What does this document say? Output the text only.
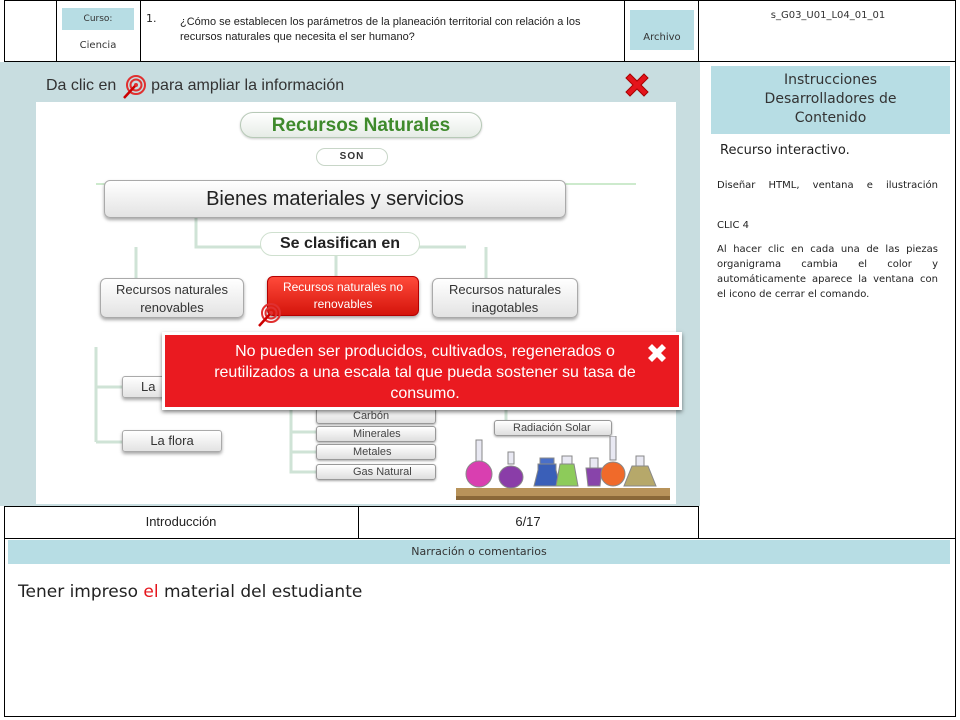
Curso:
Ciencia
1. ¿Cómo se establecen los parámetros de la planeación territorial con relación a los recursos naturales que necesita el ser humano?	Archivo
s_G03_U01_L04_01_01
Da clic en para ampliar la información
Recursos Naturales
SON
Bienes materiales y servicios
Se clasifican en
Recursos naturales renovables
Recursos naturales no renovables
Recursos naturales inagotables
La
La flora
Carbón
Minerales
Metales
Gas Natural
Radiación Solar
No pueden ser producidos, cultivados, regenerados o reutilizados a una escala tal que pueda sostener su tasa de consumo.
Introducción	6/17
Instrucciones Desarrolladores de Contenido
Recurso interactivo.
Diseñar HTML, ventana e ilustración
CLIC 4
Al hacer clic en cada una de las piezas organigrama cambia el color y automáticamente aparece la ventana con el icono de cerrar el comando.
Narración o comentarios
Tener impreso el material del estudiante
